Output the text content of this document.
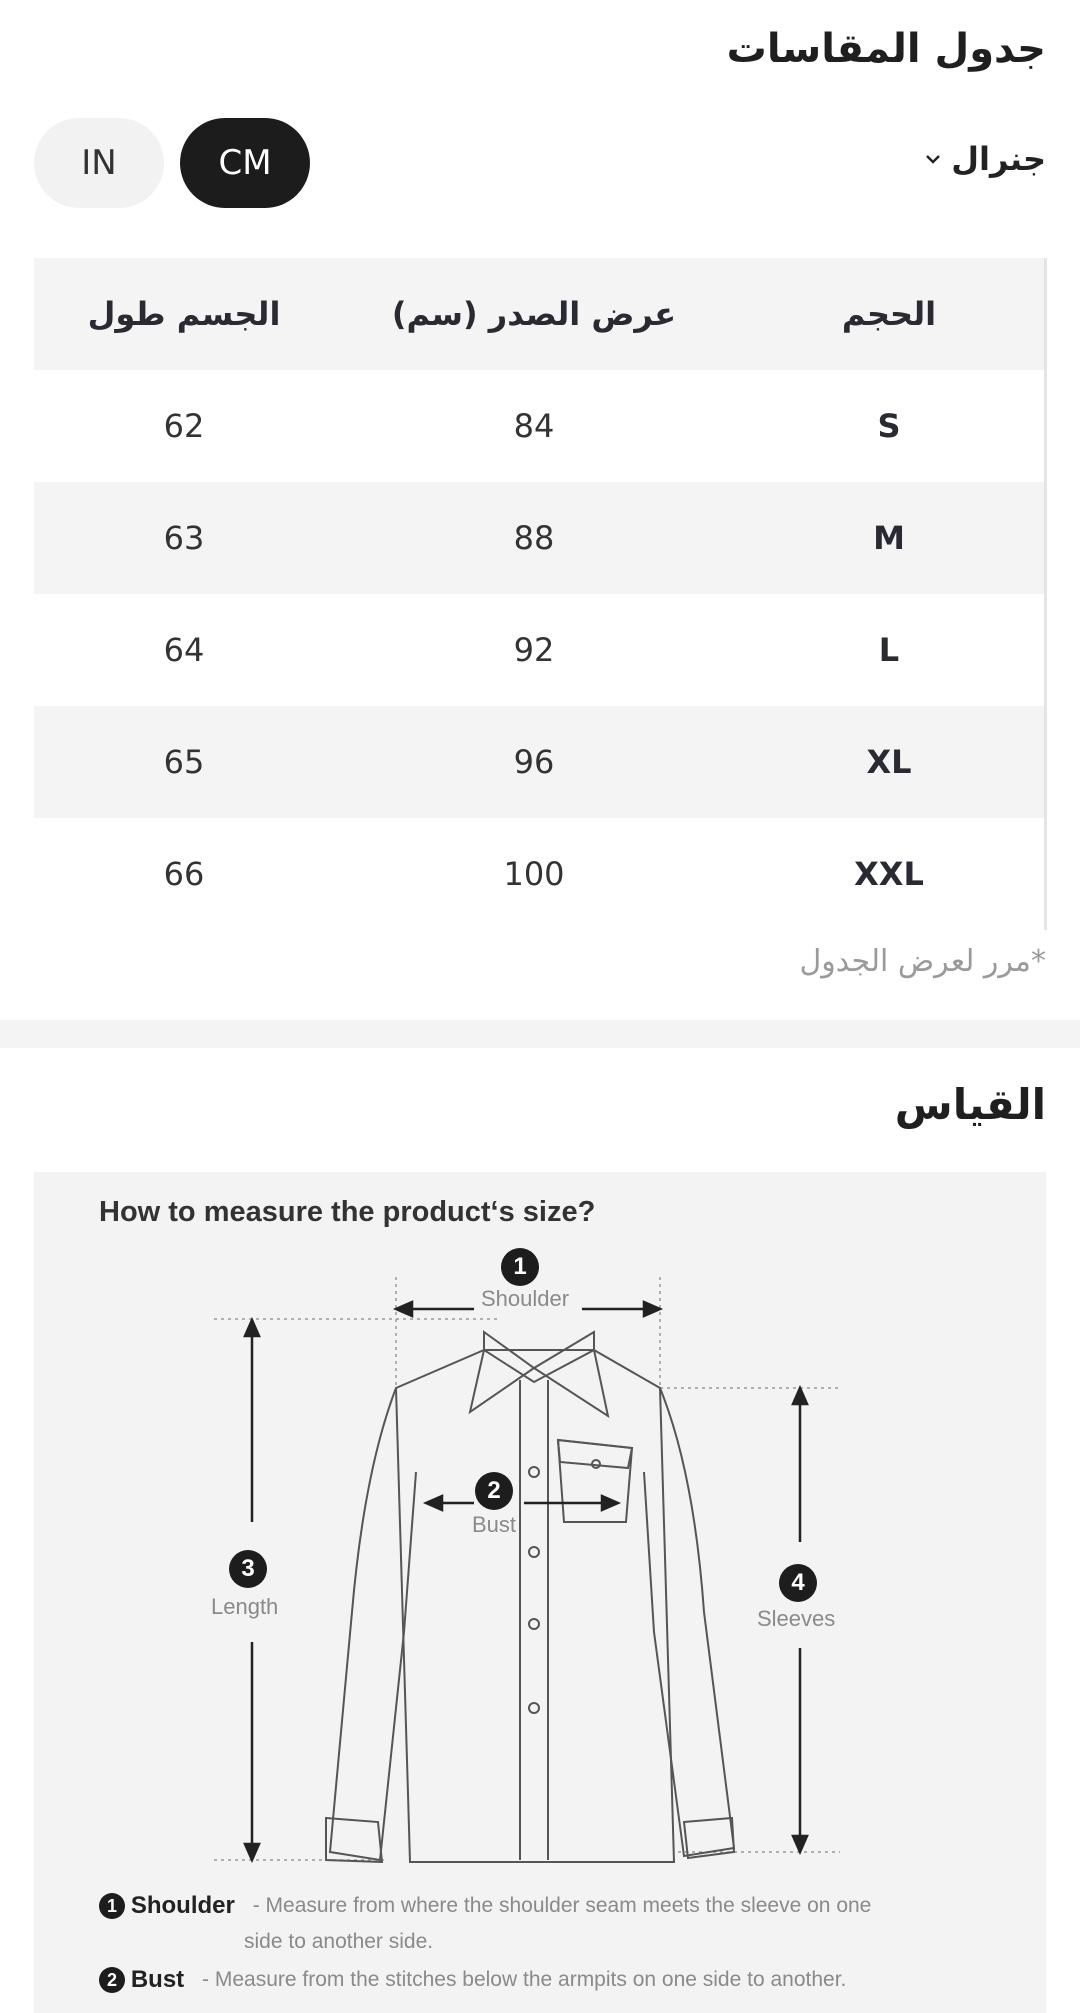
جدول المقاسات
جنرال
CM
IN
الحجم
عرض الصدر (سم)
الجسم طول
S
84
62
M
88
63
L
92
64
XL
96
65
XXL
100
66
*مرر لعرض الجدول
القياس
How to measure the product‘s size?
1
Shoulder
2
Bust
3
Length
4
Sleeves
1 Shoulder - Measure from where the shoulder seam meets the sleeve on one
side to another side.
2 Bust - Measure from the stitches below the armpits on one side to another.
